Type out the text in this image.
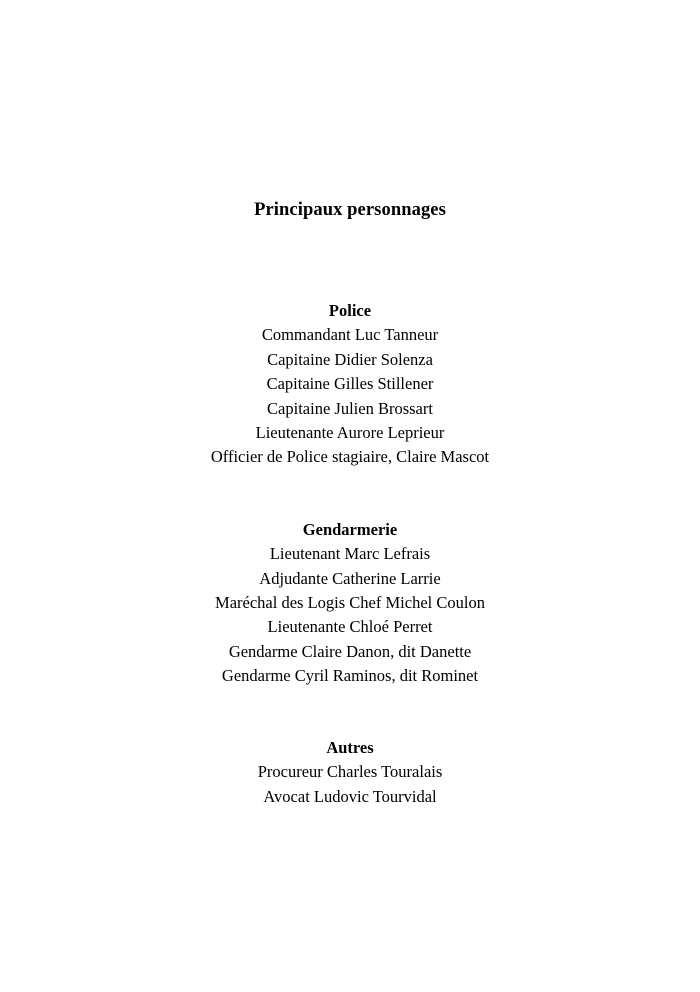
Principaux personnages

Police

Commandant Luc Tanneur

Capitaine Didier Solenza

Capitaine Gilles Stillener

Capitaine Julien Brossart

Lieutenante Aurore Leprieur

Officier de Police stagiaire, Claire Mascot

Gendarmerie

Lieutenant Marc Lefrais

Adjudante Catherine Larrie

Maréchal des Logis Chef Michel Coulon

Lieutenante Chloé Perret

Gendarme Claire Danon, dit Danette

Gendarme Cyril Raminos, dit Rominet

Autres

Procureur Charles Touralais

Avocat Ludovic Tourvidal
